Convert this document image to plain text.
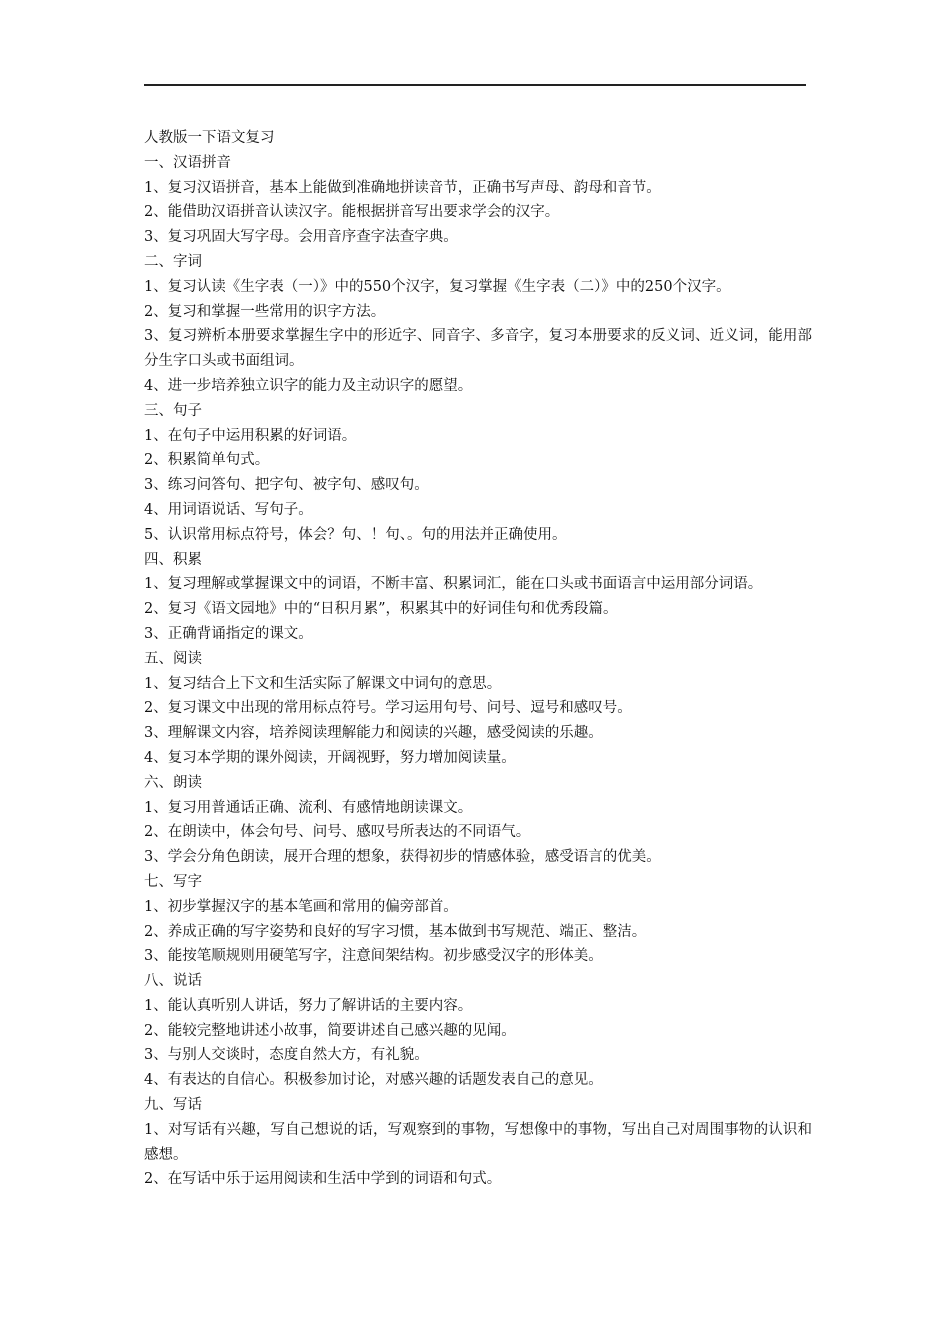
人教版一下语文复习

一、汉语拼音

1、复习汉语拼音，基本上能做到准确地拼读音节，正确书写声母、韵母和音节。

2、能借助汉语拼音认读汉字。能根据拼音写出要求学会的汉字。

3、复习巩固大写字母。会用音序查字法查字典。

二、字词

1、复习认读《生字表（一）》中的550个汉字，复习掌握《生字表（二）》中的250个汉字。

2、复习和掌握一些常用的识字方法。

3、复习辨析本册要求掌握生字中的形近字、同音字、多音字，复习本册要求的反义词、近义词，能用部分生字口头或书面组词。

4、进一步培养独立识字的能力及主动识字的愿望。

三、句子

1、在句子中运用积累的好词语。

2、积累简单句式。

3、练习问答句、把字句、被字句、感叹句。

4、用词语说话、写句子。

5、认识常用标点符号，体会？句、！句、。句的用法并正确使用。

四、积累

1、复习理解或掌握课文中的词语，不断丰富、积累词汇，能在口头或书面语言中运用部分词语。

2、复习《语文园地》中的“日积月累”，积累其中的好词佳句和优秀段篇。

3、正确背诵指定的课文。

五、阅读

1、复习结合上下文和生活实际了解课文中词句的意思。

2、复习课文中出现的常用标点符号。学习运用句号、问号、逗号和感叹号。

3、理解课文内容，培养阅读理解能力和阅读的兴趣，感受阅读的乐趣。

4、复习本学期的课外阅读，开阔视野，努力增加阅读量。

六、朗读

1、复习用普通话正确、流利、有感情地朗读课文。

2、在朗读中，体会句号、问号、感叹号所表达的不同语气。

3、学会分角色朗读，展开合理的想象，获得初步的情感体验，感受语言的优美。

七、写字

1、初步掌握汉字的基本笔画和常用的偏旁部首。

2、养成正确的写字姿势和良好的写字习惯，基本做到书写规范、端正、整洁。

3、能按笔顺规则用硬笔写字，注意间架结构。初步感受汉字的形体美。

八、说话

1、能认真听别人讲话，努力了解讲话的主要内容。

2、能较完整地讲述小故事，简要讲述自己感兴趣的见闻。

3、与别人交谈时，态度自然大方，有礼貌。

4、有表达的自信心。积极参加讨论，对感兴趣的话题发表自己的意见。

九、写话

1、对写话有兴趣，写自己想说的话，写观察到的事物，写想像中的事物，写出自己对周围事物的认识和感想。

2、在写话中乐于运用阅读和生活中学到的词语和句式。
